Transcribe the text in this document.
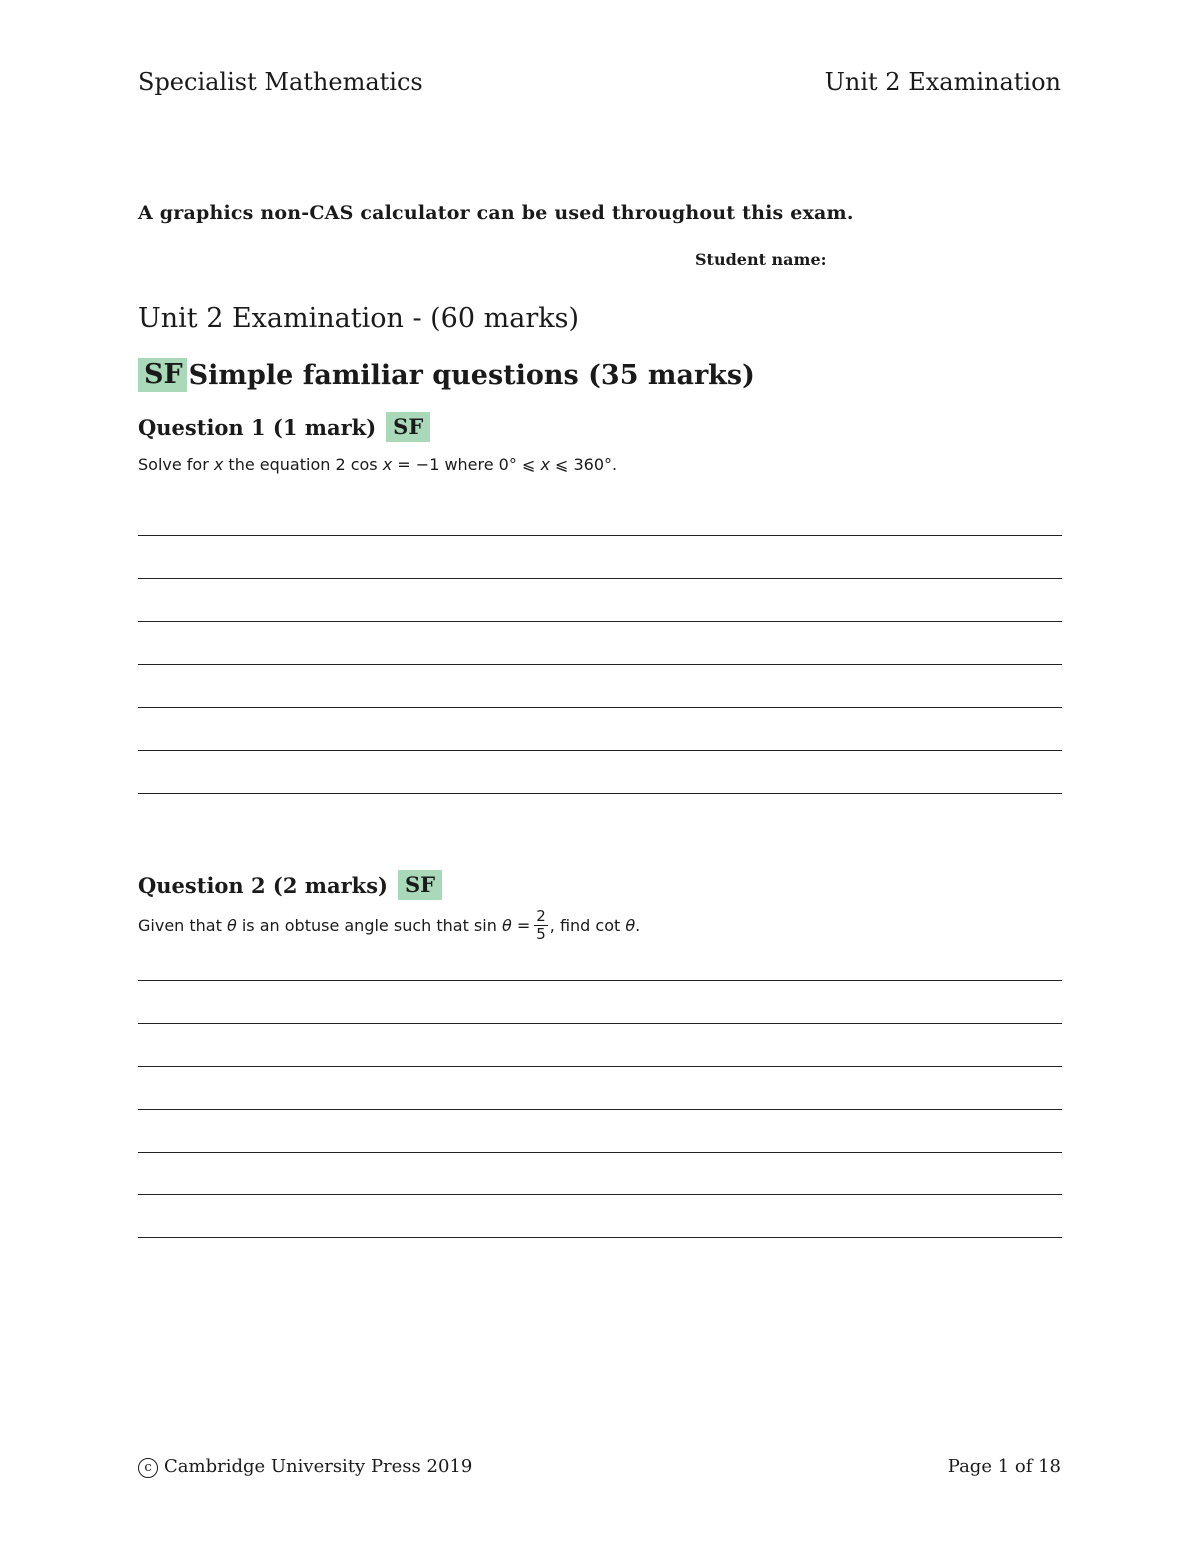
Specialist Mathematics	Unit 2 Examination
A graphics non-CAS calculator can be used throughout this exam.
Student name:
Unit 2 Examination - (60 marks)
SF Simple familiar questions (35 marks)
Question 1 (1 mark) SF
Solve for x the equation 2 cos x = −1 where 0° ⩽ x ⩽ 360°.
Question 2 (2 marks) SF
Given that θ is an obtuse angle such that $\sin \theta = \frac{2}{5}$ , find cot θ .
c Cambridge University Press 2019	Page 1 of 18
